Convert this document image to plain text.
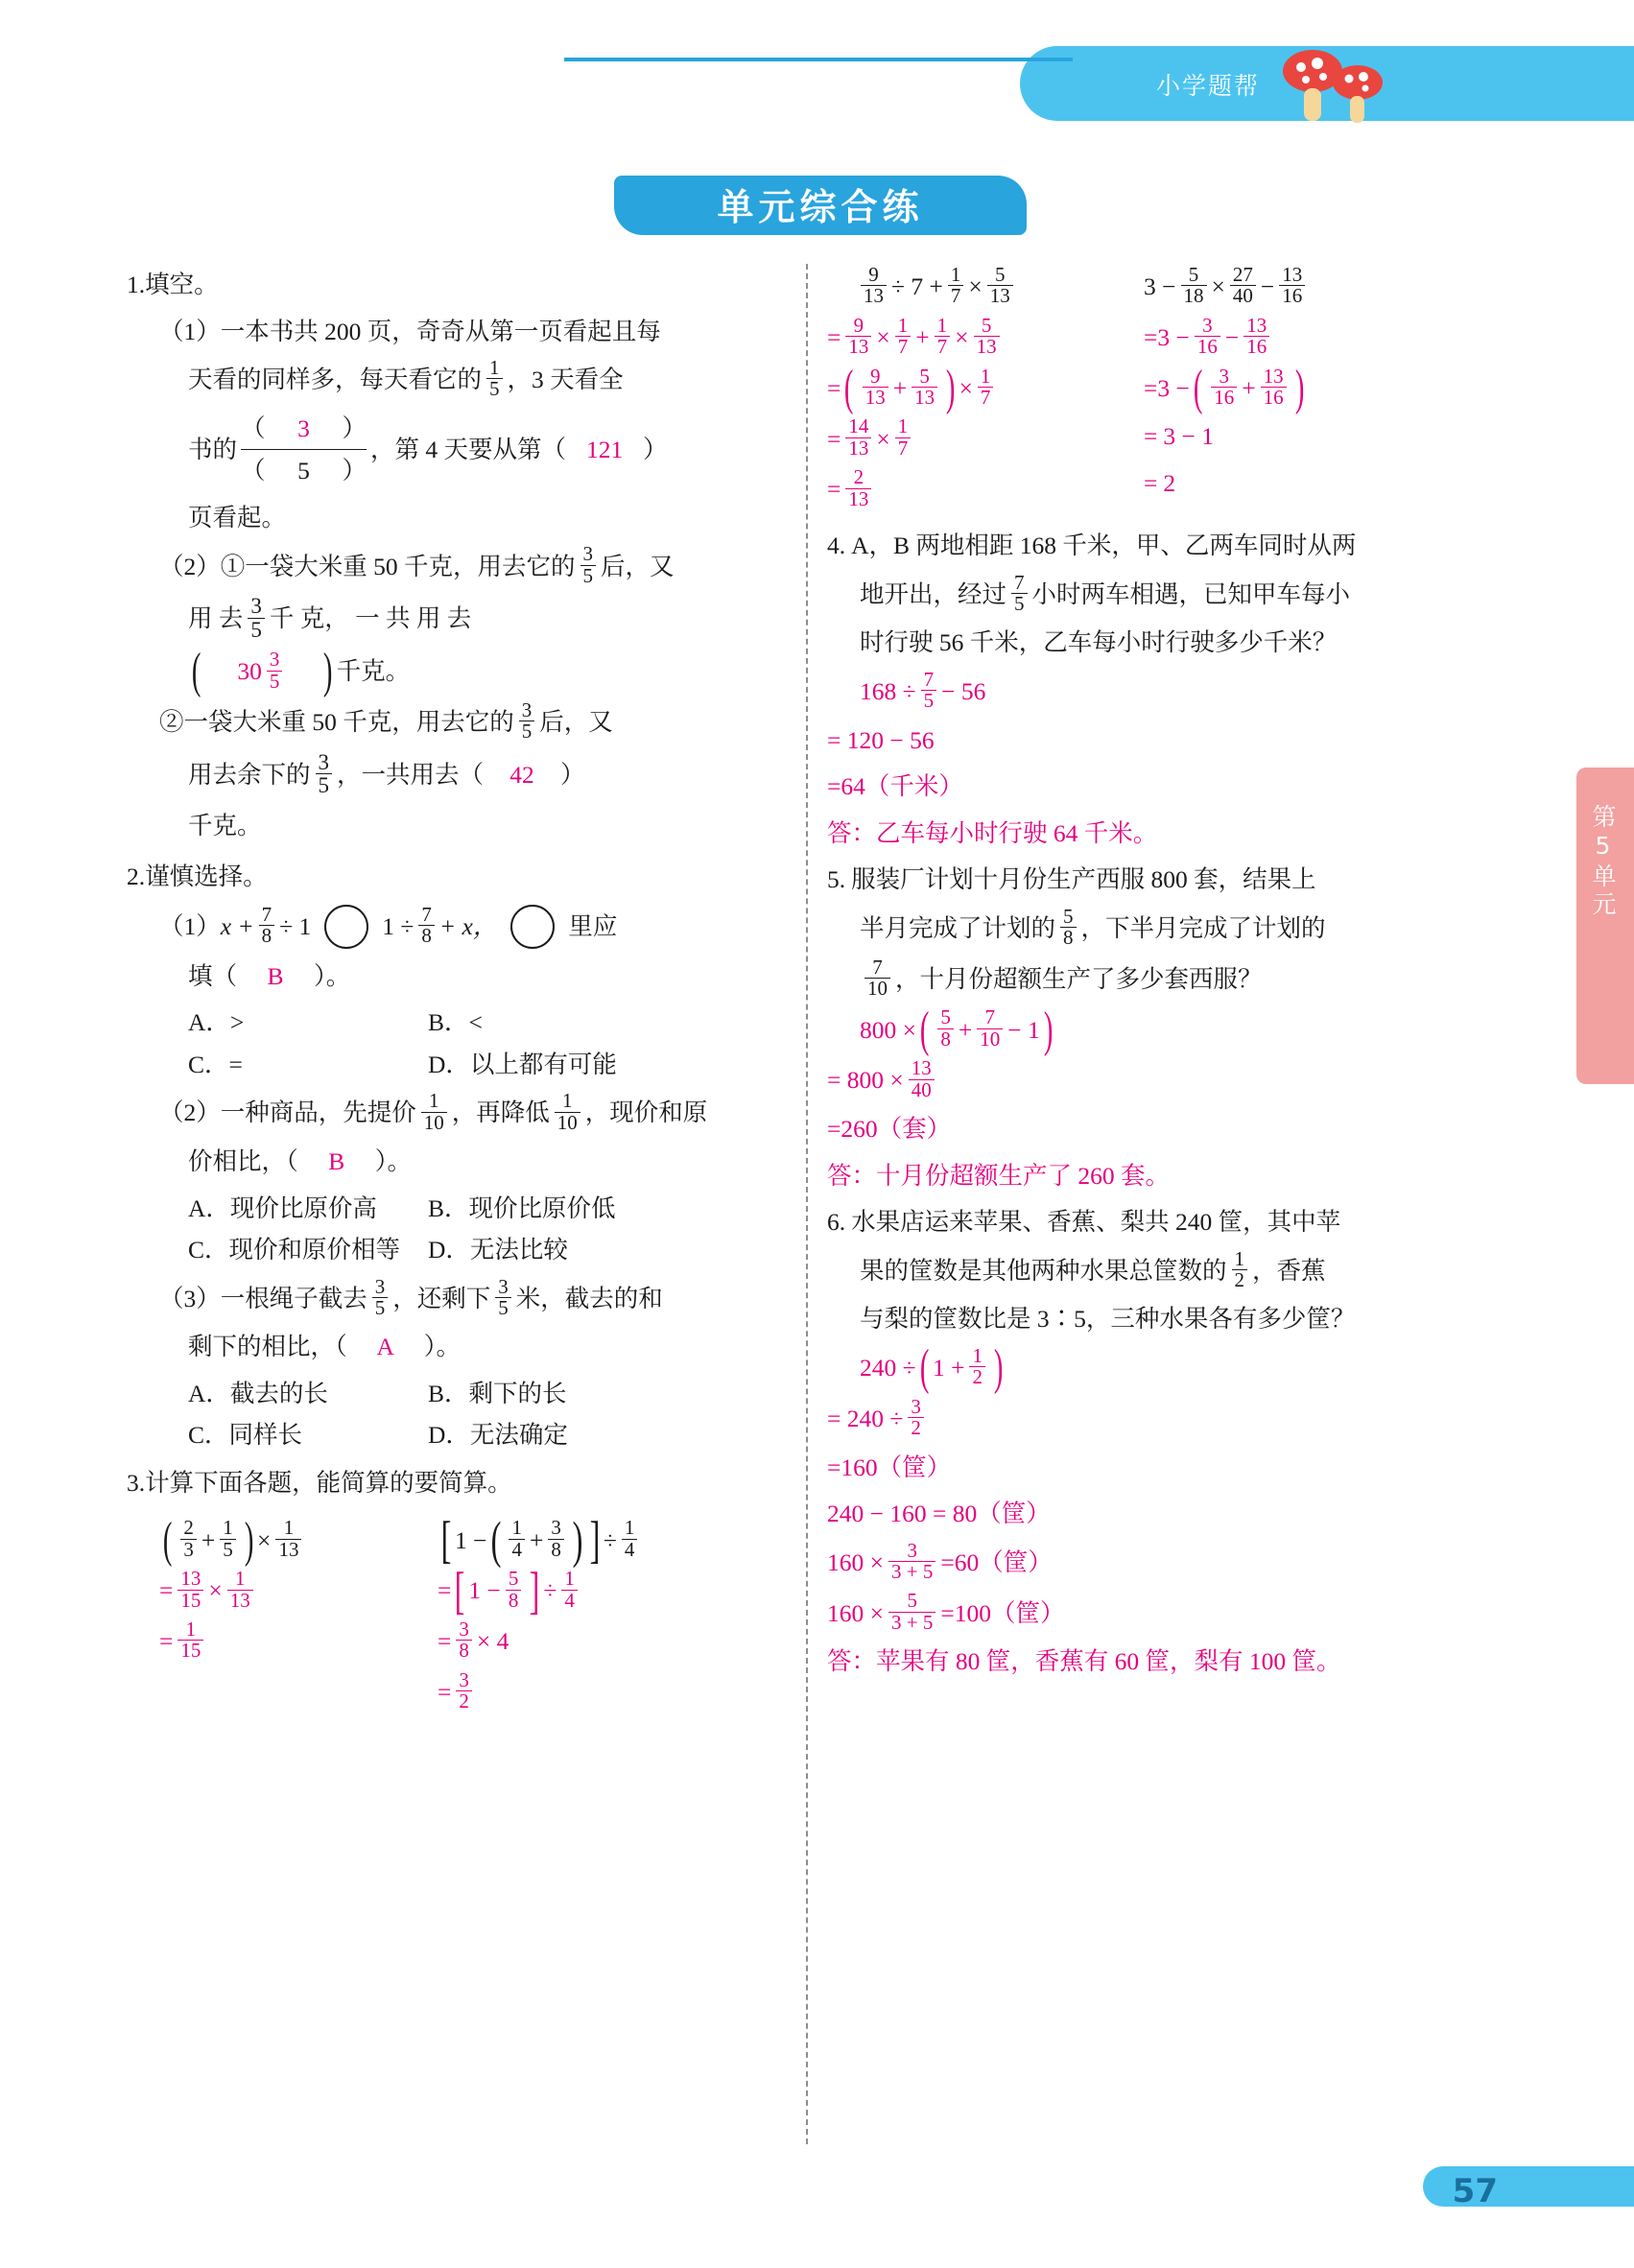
小学题帮
单元综合练
第5单元
1. 填空。
（1） 一本书共 200 页，奇奇从第一页看起且每
天看的同样多，每天看它的 $\frac{1}{5}$ ，3 天看全
书的 （	3	）
（	5	） ，第 4 天要从第（ 121 ）
页看起。
（2） ①一袋大米重 50 千克，用去它的 $\frac{3}{5}$ 后，又
用 去 $\frac{3}{5}$ 千 克， 一 共 用 去
( $30 \frac{3}{5}$ ) 千克。
②一袋大米重 50 千克，用去它的 $\frac{3}{5}$ 后，又
用去余下的 $\frac{3}{5}$ ，一共用去（	42	）
千克。
2. 谨慎选择。
（1） $x + \frac{7}{8} \div 1$	$1 \div \frac{7}{8} + x$，	里应
填（	B	）。
A．>	B．<
C．=	D．以上都有可能
（2） 一种商品，先提价 $\frac{1}{10}$ ，再降低 $\frac{1}{10}$ ，现价和原
价相比，（	B	）。
A．现价比原价高	B．现价比原价低
C．现价和原价相等	D．无法比较
（3） 一根绳子截去 $\frac{3}{5}$ ，还剩下 $\frac{3}{5}$ 米，截去的和
剩下的相比，（	A	）。
A．截去的长	B．剩下的长
C．同样长	D．无法确定
3. 计算下面各题，能简算的要简算。
( $\frac{2}{3} + \frac{1}{5}$ ) × $\frac{1}{13}$
= $\frac{13}{15} \times \frac{1}{13}$
= $\frac{1}{15}$
[ 1 − ( $\frac{1}{4} + \frac{3}{8}$ ) ] ÷ $\frac{1}{4}$
= [ $1 - \frac{5}{8}$ ] ÷ $\frac{1}{4}$
= $\frac{3}{8} \times 4$
= $\frac{3}{2}$
$\frac{9}{13} \div 7 + \frac{1}{7} \times \frac{5}{13}$
= $\frac{9}{13} \times \frac{1}{7} + \frac{1}{7} \times \frac{5}{13}$
= ( $\frac{9}{13} + \frac{5}{13}$ ) × $\frac{1}{7}$
= $\frac{14}{13} \times \frac{1}{7}$
= $\frac{2}{13}$
$3 - \frac{5}{18} \times \frac{27}{40} - \frac{13}{16}$
= $3 - \frac{3}{16} - \frac{13}{16}$
= 3 − ( $\frac{3}{16} + \frac{13}{16}$ )
= 3 − 1
= 2
4. A，B 两地相距 168 千米，甲、乙两车同时从两
地开出，经过 $\frac{7}{5}$ 小时两车相遇，已知甲车每小
时行驶 56 千米，乙车每小时行驶多少千米？
$168 \div \frac{7}{5} - 56$
= 120 − 56
=64（千米）
答：乙车每小时行驶 64 千米。
5. 服装厂计划十月份生产西服 800 套，结果上
半月完成了计划的 $\frac{5}{8}$ ，下半月完成了计划的
$\frac{7}{10}$ ，十月份超额生产了多少套西服？
800 × ( $\frac{5}{8} + \frac{7}{10} - 1$ )
= $800 \times \frac{13}{40}$
=260（套）
答：十月份超额生产了 260 套。
6. 水果店运来苹果、香蕉、梨共 240 筐，其中苹
果的筐数是其他两种水果总筐数的 $\frac{1}{2}$ ，香蕉
与梨的筐数比是 3∶5，三种水果各有多少筐？
240 ÷ ( $1 + \frac{1}{2}$ )
= $240 \div \frac{3}{2}$
=160（筐）
240 − 160 = 80（筐）
$160 \times \frac{3}{3 + 5} =60$（筐）
$160 \times \frac{5}{3 + 5} =100$（筐）
答：苹果有 80 筐，香蕉有 60 筐，梨有 100 筐。
57
